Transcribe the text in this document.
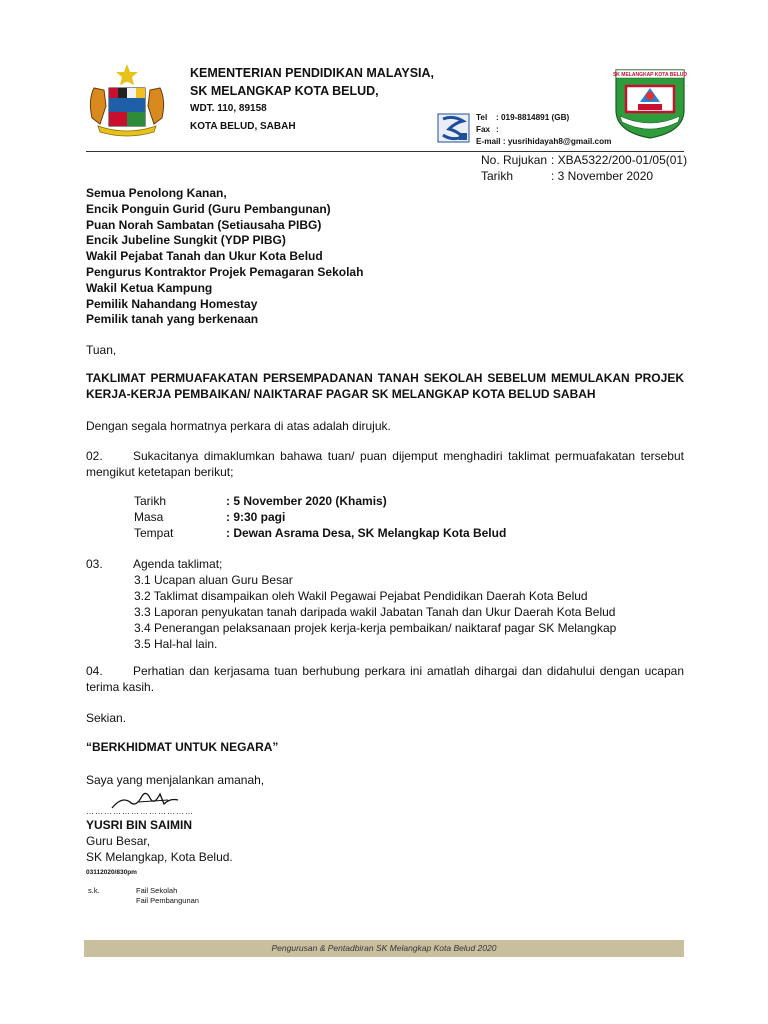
KEMENTERIAN PENDIDIKAN MALAYSIA,
SK MELANGKAP KOTA BELUD,
WDT. 110, 89158
KOTA BELUD, SABAH
Tel	: 019-8814891 (GB)
Fax :
E-mail : yusrihidayah8@gmail.com
SK MELANGKAP KOTA BELUD
No. Rujukan : XBA5322/200-01/05(01)
Tarikh	: 3 November 2020
Semua Penolong Kanan,
Encik Ponguin Gurid (Guru Pembangunan)
Puan Norah Sambatan (Setiausaha PIBG)
Encik Jubeline Sungkit (YDP PIBG)
Wakil Pejabat Tanah dan Ukur Kota Belud
Pengurus Kontraktor Projek Pemagaran Sekolah
Wakil Ketua Kampung
Pemilik Nahandang Homestay
Pemilik tanah yang berkenaan
Tuan,
TAKLIMAT PERMUAFAKATAN PERSEMPADANAN TANAH SEKOLAH SEBELUM MEMULAKAN PROJEK KERJA-KERJA PEMBAIKAN/ NAIKTARAF PAGAR SK MELANGKAP KOTA BELUD SABAH
Dengan segala hormatnya perkara di atas adalah dirujuk.
02.	Sukacitanya dimaklumkan bahawa tuan/ puan dijemput menghadiri taklimat permuafakatan tersebut mengikut ketetapan berikut;
Tarikh	: 5 November 2020 (Khamis)
Masa	: 9:30 pagi
Tempat	: Dewan Asrama Desa, SK Melangkap Kota Belud
03.	Agenda taklimat;
3.1 Ucapan aluan Guru Besar
3.2 Taklimat disampaikan oleh Wakil Pegawai Pejabat Pendidikan Daerah Kota Belud
3.3 Laporan penyukatan tanah daripada wakil Jabatan Tanah dan Ukur Daerah Kota Belud
3.4 Penerangan pelaksanaan projek kerja-kerja pembaikan/ naiktaraf pagar SK Melangkap
3.5 Hal-hal lain.
04.	Perhatian dan kerjasama tuan berhubung perkara ini amatlah dihargai dan didahului dengan ucapan terima kasih.
Sekian.
“BERKHIDMAT UNTUK NEGARA”
Saya yang menjalankan amanah,
………………………………
YUSRI BIN SAIMIN
Guru Besar,
SK Melangkap, Kota Belud.
03112020/830pm
s.k.	Fail Sekolah
Fail Pembangunan
Pengurusan & Pentadbiran SK Melangkap Kota Belud 2020
